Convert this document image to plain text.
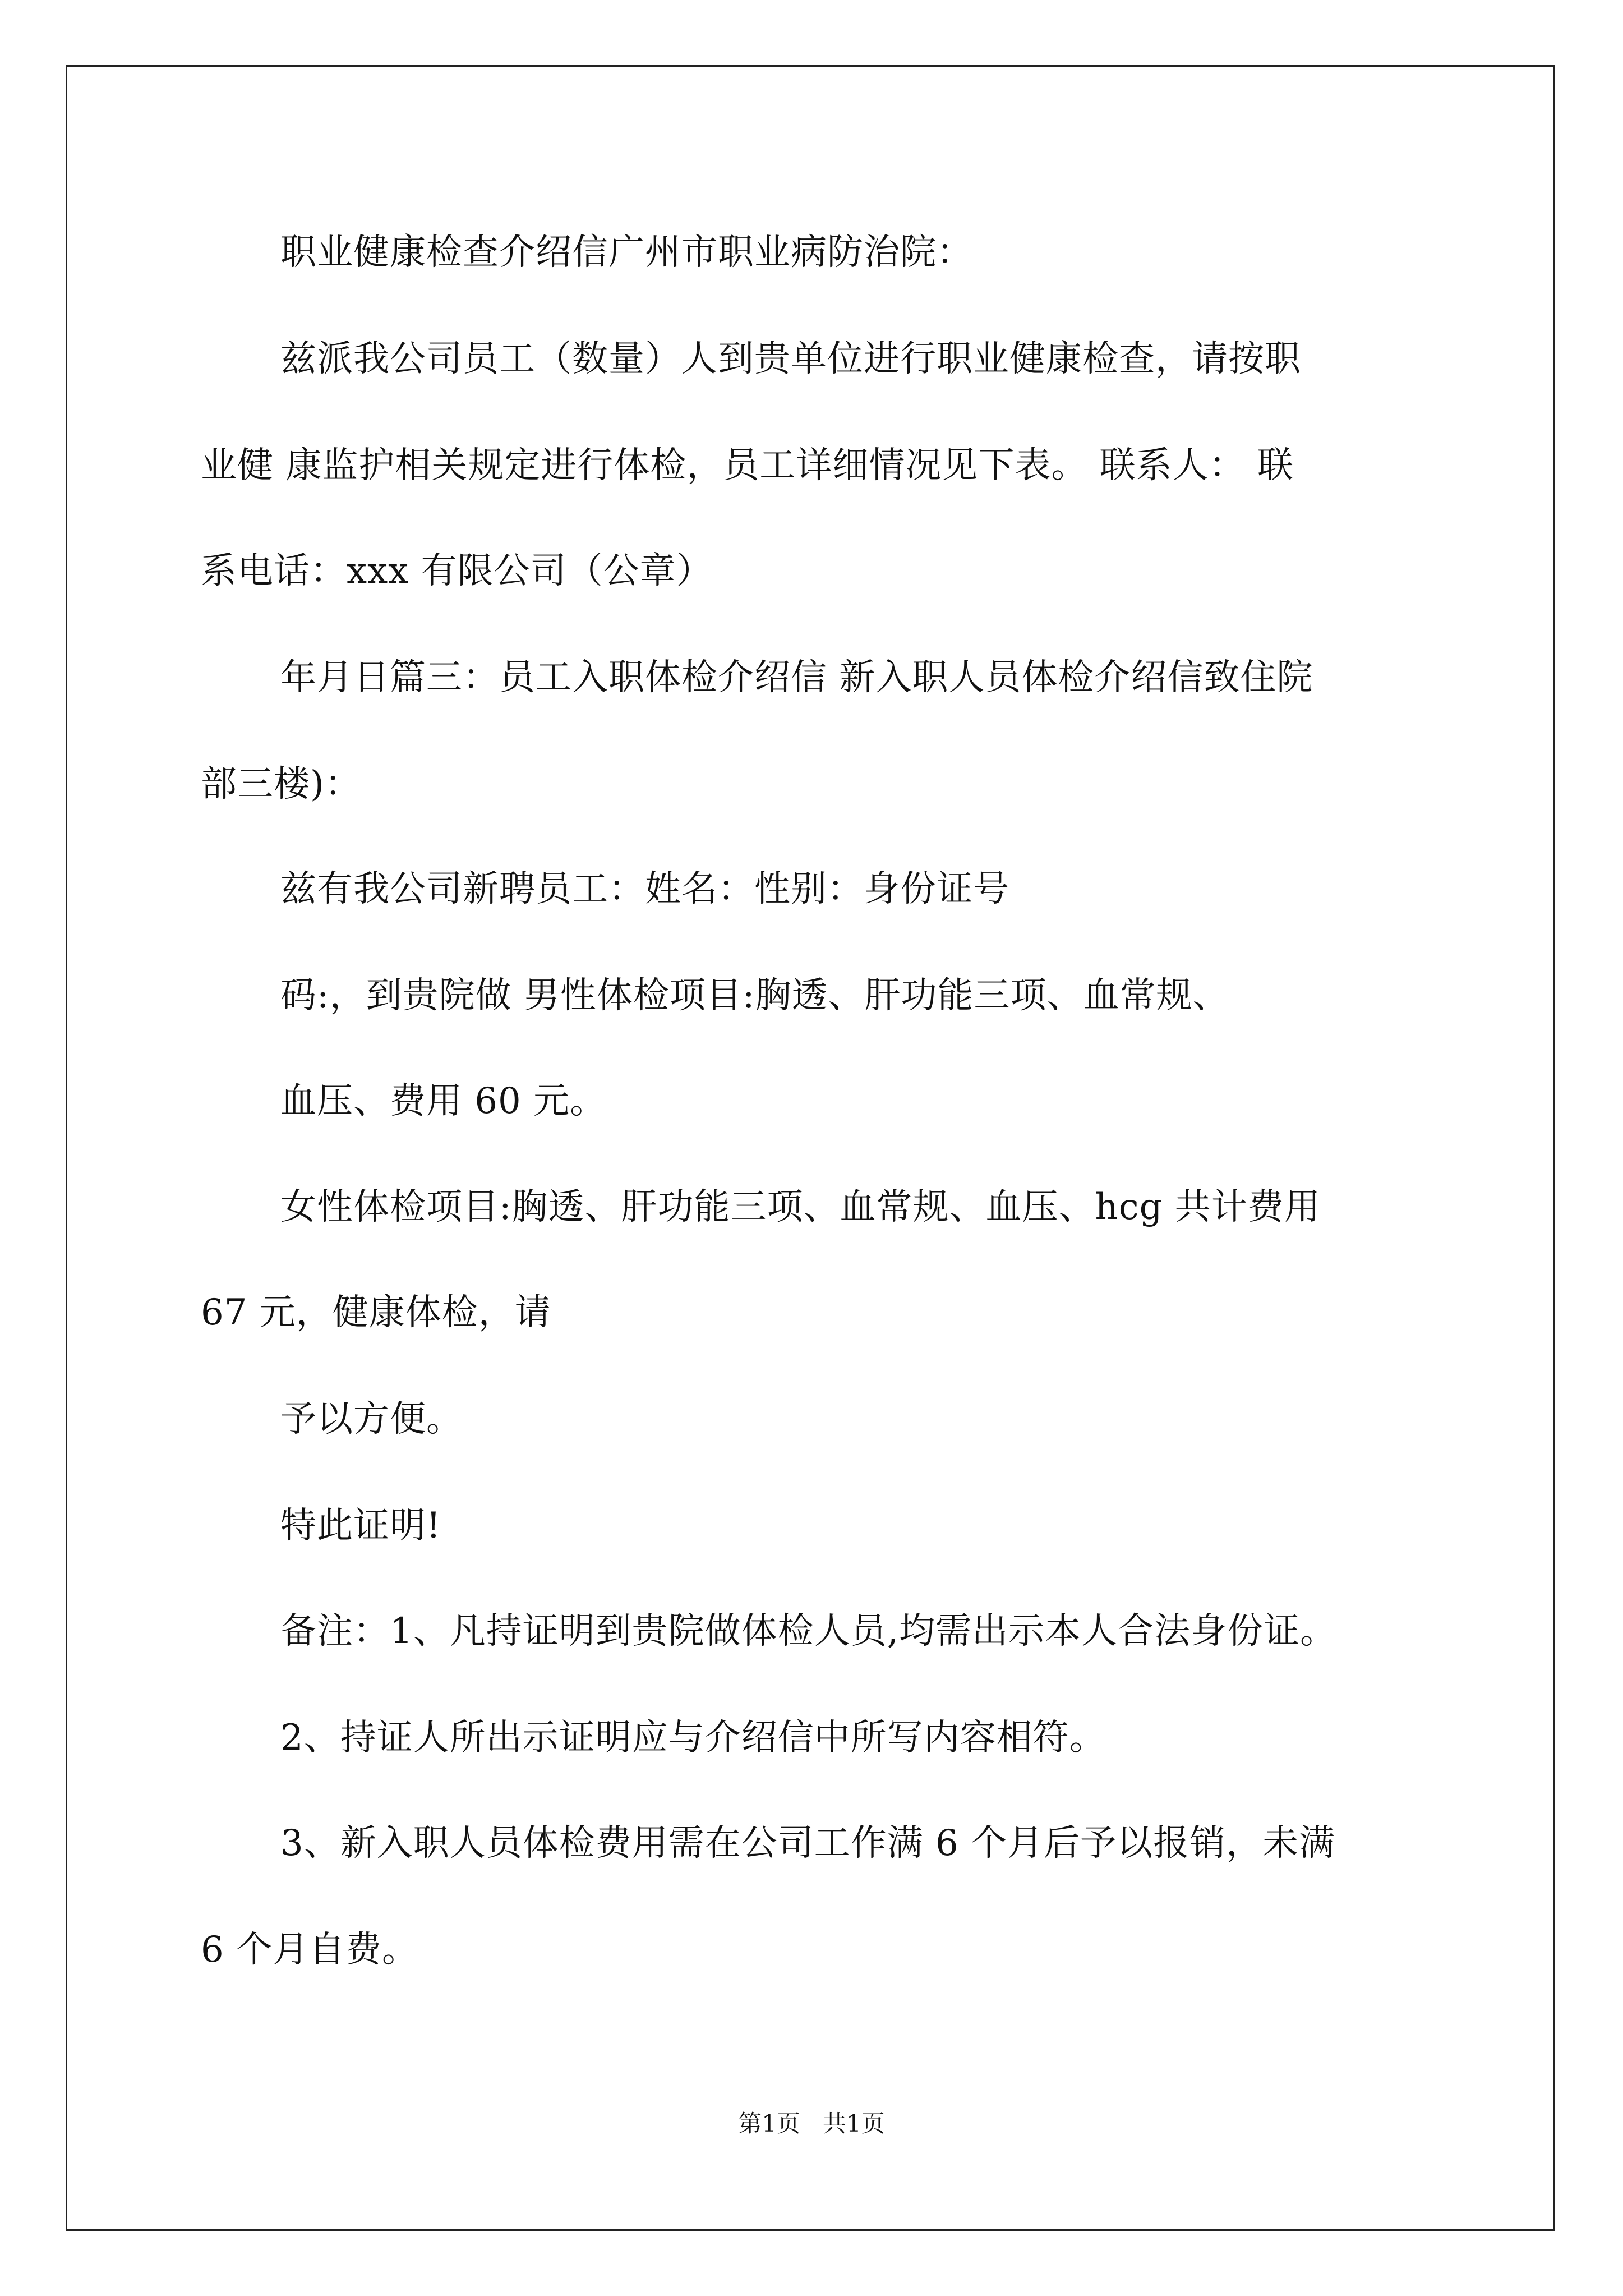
职业健康检查介绍信广州市职业病防治院：
兹派我公司员工（数量）人到贵单位进行职业健康检查，请按职
业健 康监护相关规定进行体检，员工详细情况见下表。 联系人： 联
系电话：xxx 有限公司（公章）
年月日篇三：员工入职体检介绍信 新入职人员体检介绍信致住院
部三楼)：
兹有我公司新聘员工：姓名：性别：身份证号
码:，到贵院做 男性体检项目:胸透、肝功能三项、血常规、
血压、费用 60 元。
女性体检项目:胸透、肝功能三项、血常规、血压、hcg 共计费用
67 元，健康体检，请
予以方便。
特此证明!
备注：1、凡持证明到贵院做体检人员,均需出示本人合法身份证。
2、持证人所出示证明应与介绍信中所写内容相符。
3、新入职人员体检费用需在公司工作满 6 个月后予以报销，未满
6 个月自费。
第1页   共1页
